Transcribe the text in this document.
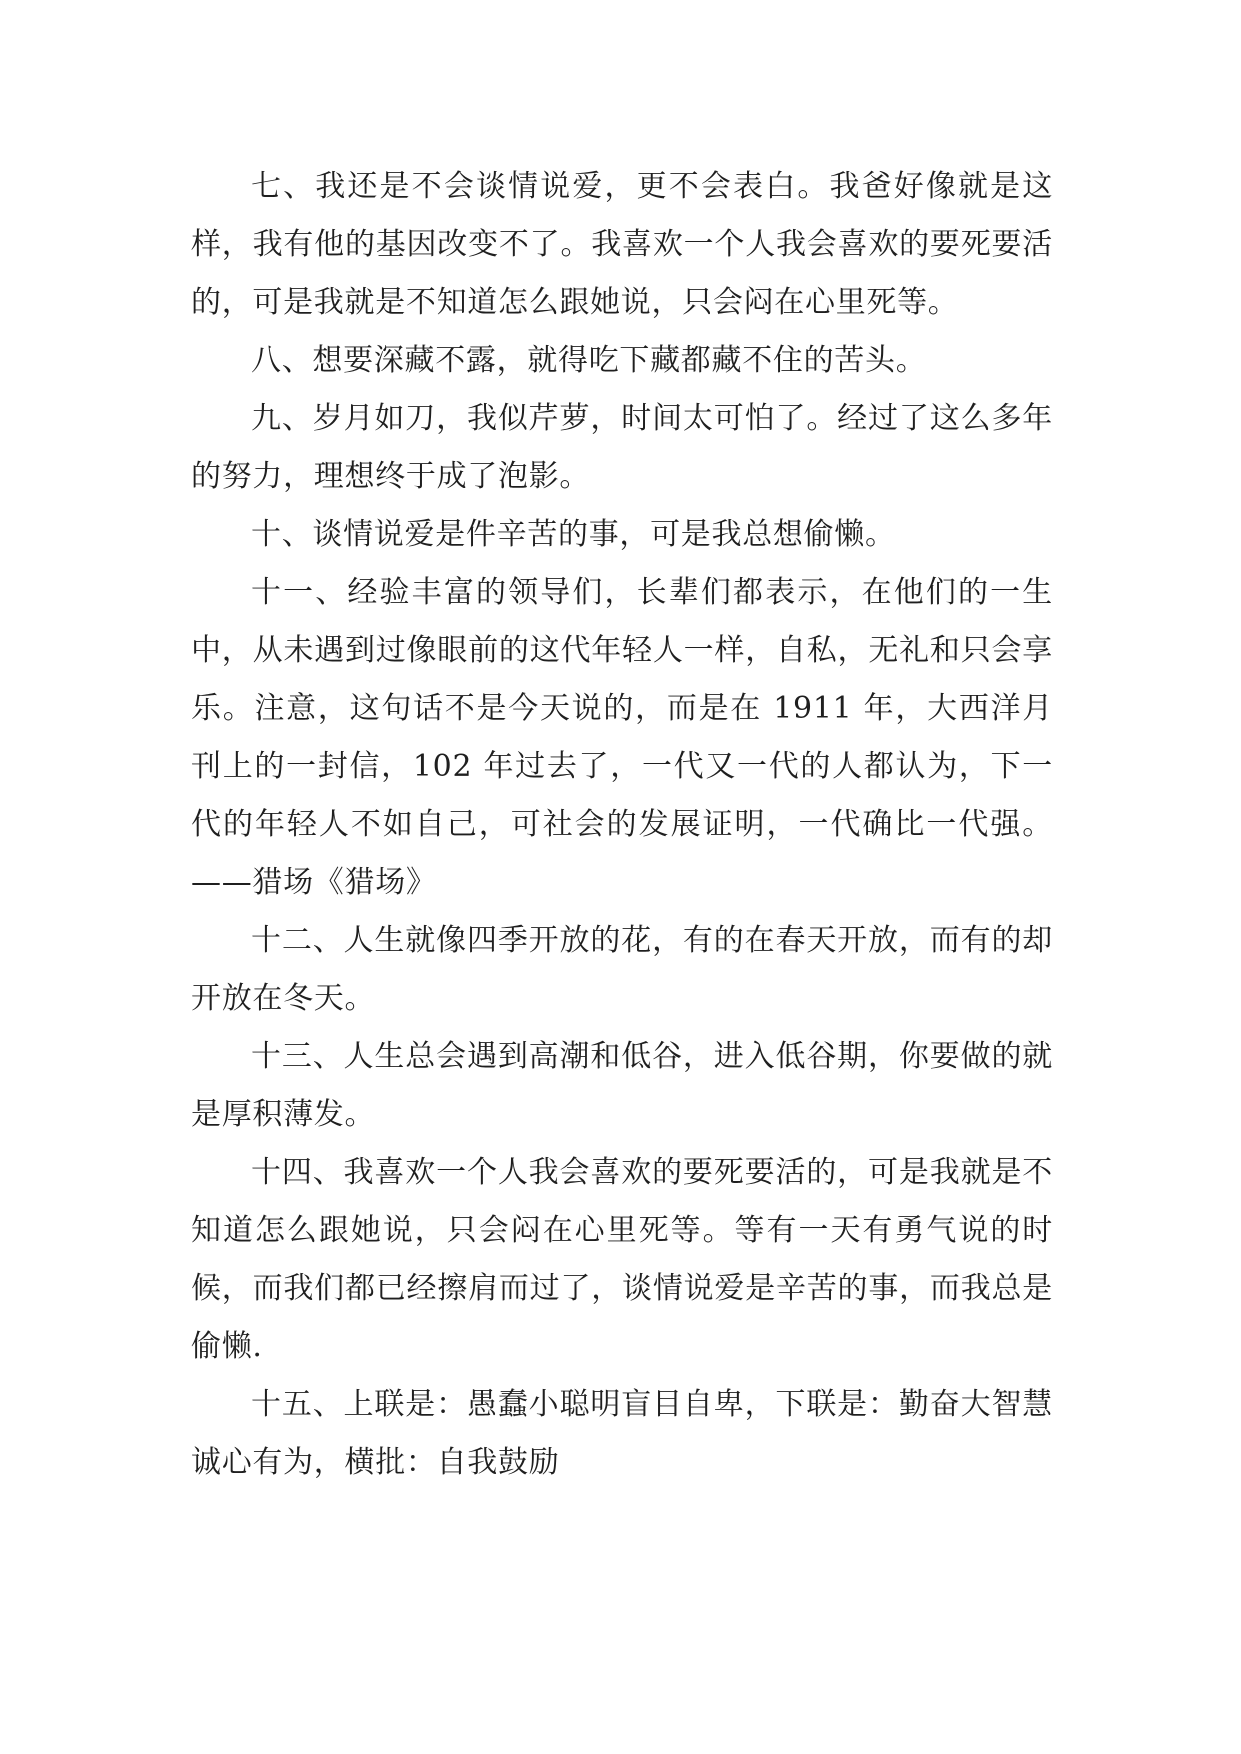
七、我还是不会谈情说爱，更不会表白。我爸好像就是这样，我有他的基因改变不了。我喜欢一个人我会喜欢的要死要活的，可是我就是不知道怎么跟她说，只会闷在心里死等。

八、想要深藏不露，就得吃下藏都藏不住的苦头。

九、岁月如刀，我似芹萝，时间太可怕了。经过了这么多年的努力，理想终于成了泡影。

十、谈情说爱是件辛苦的事，可是我总想偷懒。

十一、经验丰富的领导们，长辈们都表示，在他们的一生中，从未遇到过像眼前的这代年轻人一样，自私，无礼和只会享乐。注意，这句话不是今天说的，而是在 1911 年，大西洋月刊上的一封信，102 年过去了，一代又一代的人都认为，下一代的年轻人不如自己，可社会的发展证明，一代确比一代强。——猎场《猎场》

十二、人生就像四季开放的花，有的在春天开放，而有的却开放在冬天。

十三、人生总会遇到高潮和低谷，进入低谷期，你要做的就是厚积薄发。

十四、我喜欢一个人我会喜欢的要死要活的，可是我就是不知道怎么跟她说，只会闷在心里死等。等有一天有勇气说的时候，而我们都已经擦肩而过了，谈情说爱是辛苦的事，而我总是偷懒.

十五、上联是：愚蠢小聪明盲目自卑，下联是：勤奋大智慧诚心有为，横批：自我鼓励
